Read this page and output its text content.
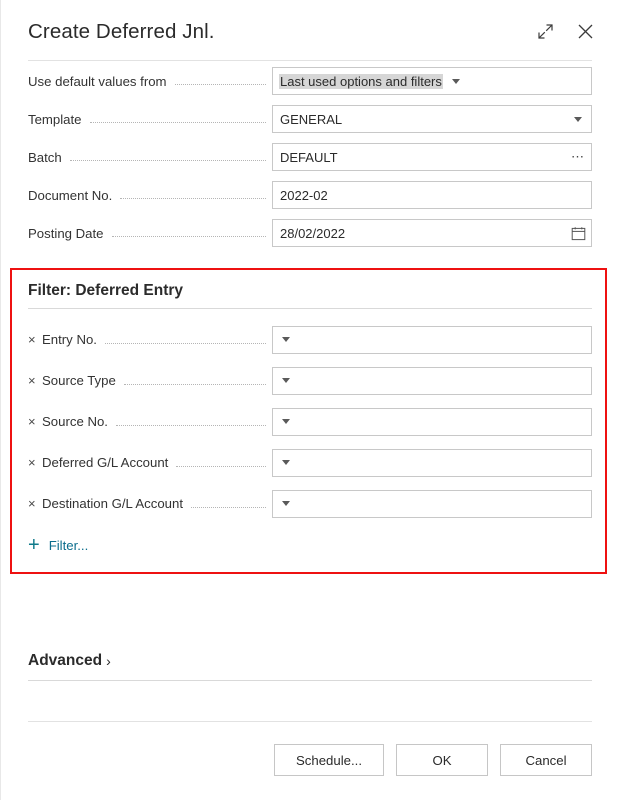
Create Deferred Jnl.
Use default values from	Last used options and filters
Template	GENERAL
Batch	DEFAULT	⋯
Document No.	2022-02
Posting Date	28/02/2022
Filter: Deferred Entry
× Entry No.
× Source Type
× Source No.
× Deferred G/L Account
× Destination G/L Account
+ Filter...
Advanced ›
Schedule...	OK	Cancel
